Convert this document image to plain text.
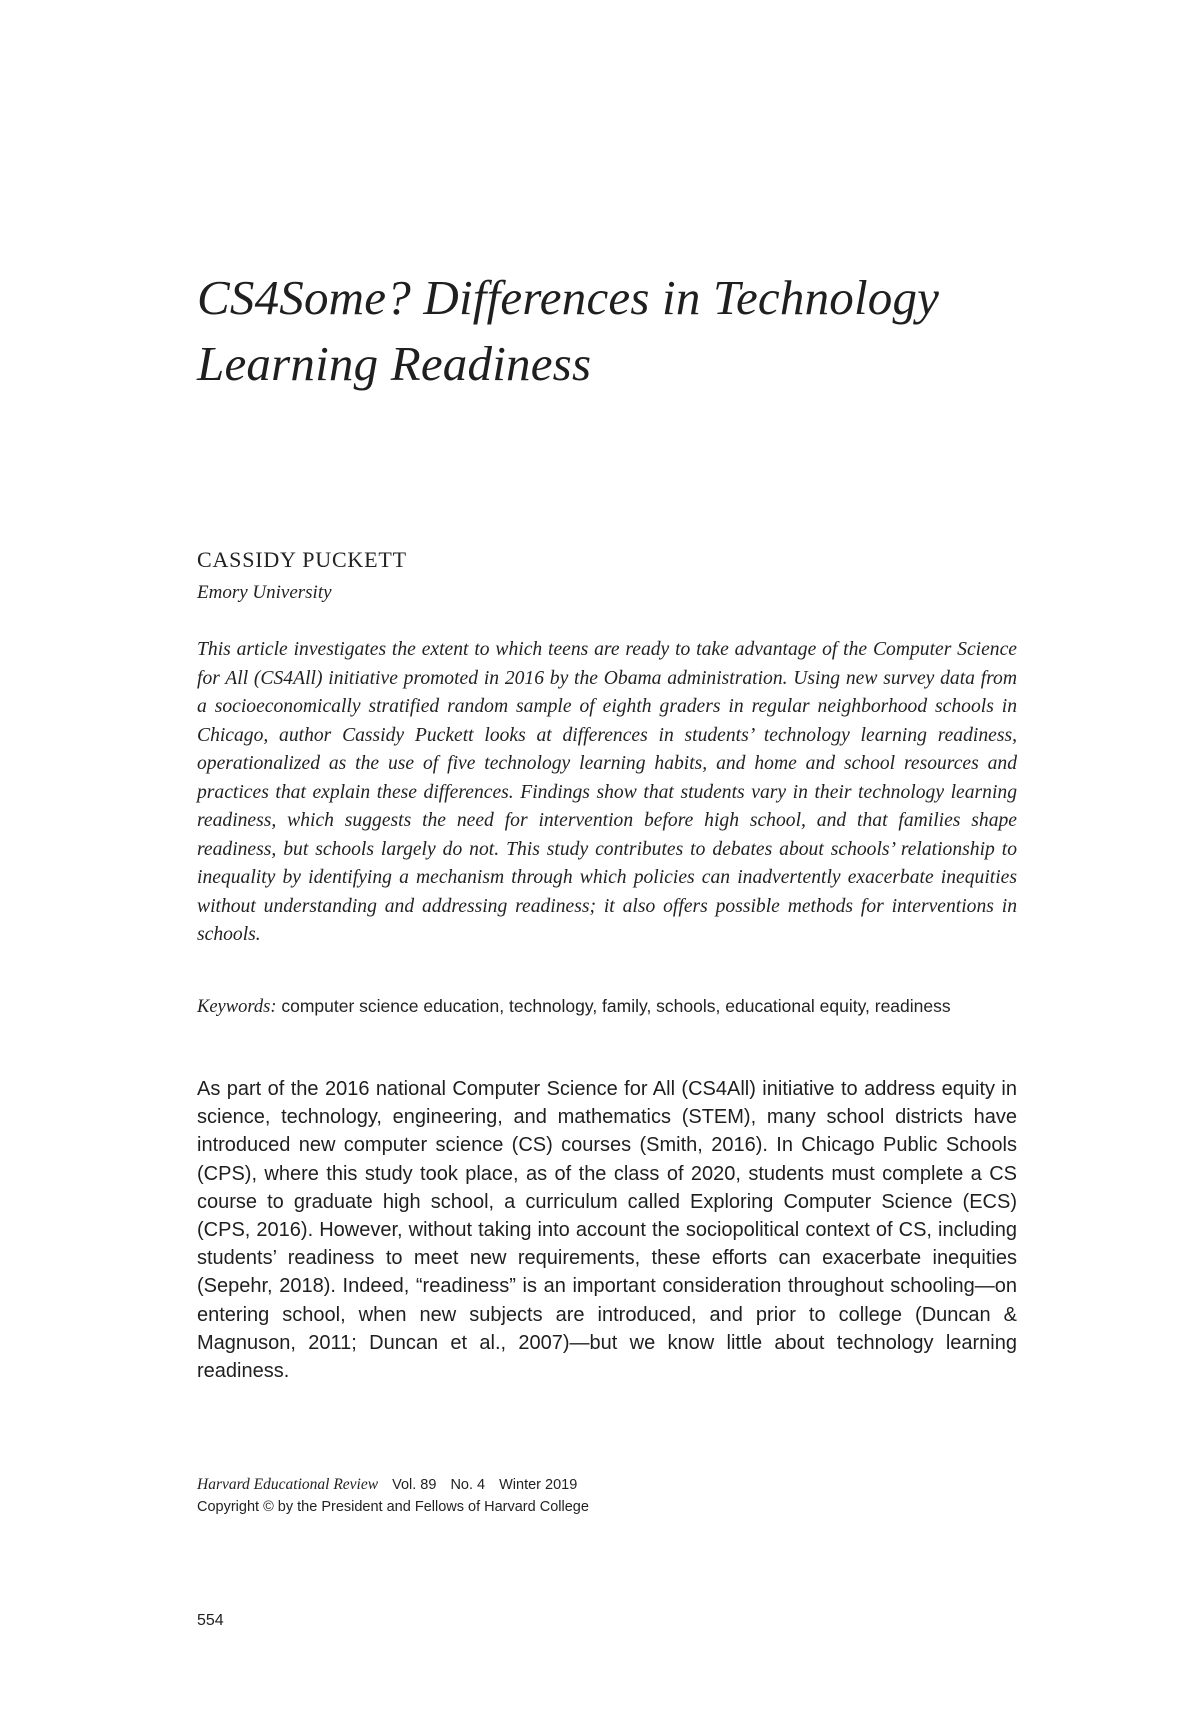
CS4Some? Differences in Technology Learning Readiness

CASSIDY PUCKETT

Emory University

This article investigates the extent to which teens are ready to take advantage of the Computer Science for All (CS4All) initiative promoted in 2016 by the Obama administration. Using new survey data from a socioeconomically stratified random sample of eighth graders in regular neighborhood schools in Chicago, author Cassidy Puckett looks at differences in students’ technology learning readiness, operationalized as the use of five technology learning habits, and home and school resources and practices that explain these differences. Findings show that students vary in their technology learning readiness, which suggests the need for intervention before high school, and that families shape readiness, but schools largely do not. This study contributes to debates about schools’ relationship to inequality by identifying a mechanism through which policies can inadvertently exacerbate inequities without understanding and addressing readiness; it also offers possible methods for interventions in schools.

Keywords: computer science education, technology, family, schools, educational equity, readiness

As part of the 2016 national Computer Science for All (CS4All) initiative to address equity in science, technology, engineering, and mathematics (STEM), many school districts have introduced new computer science (CS) courses (Smith, 2016). In Chicago Public Schools (CPS), where this study took place, as of the class of 2020, students must complete a CS course to graduate high school, a curriculum called Exploring Computer Science (ECS) (CPS, 2016). However, without taking into account the sociopolitical context of CS, including students’ readiness to meet new requirements, these efforts can exacerbate inequities (Sepehr, 2018). Indeed, “readiness” is an important consideration throughout schooling—on entering school, when new subjects are introduced, and prior to college (Duncan & Magnuson, 2011; Duncan et al., 2007)—but we know little about technology learning readiness.

Harvard Educational Review Vol. 89 No. 4 Winter 2019

Copyright © by the President and Fellows of Harvard College

554
